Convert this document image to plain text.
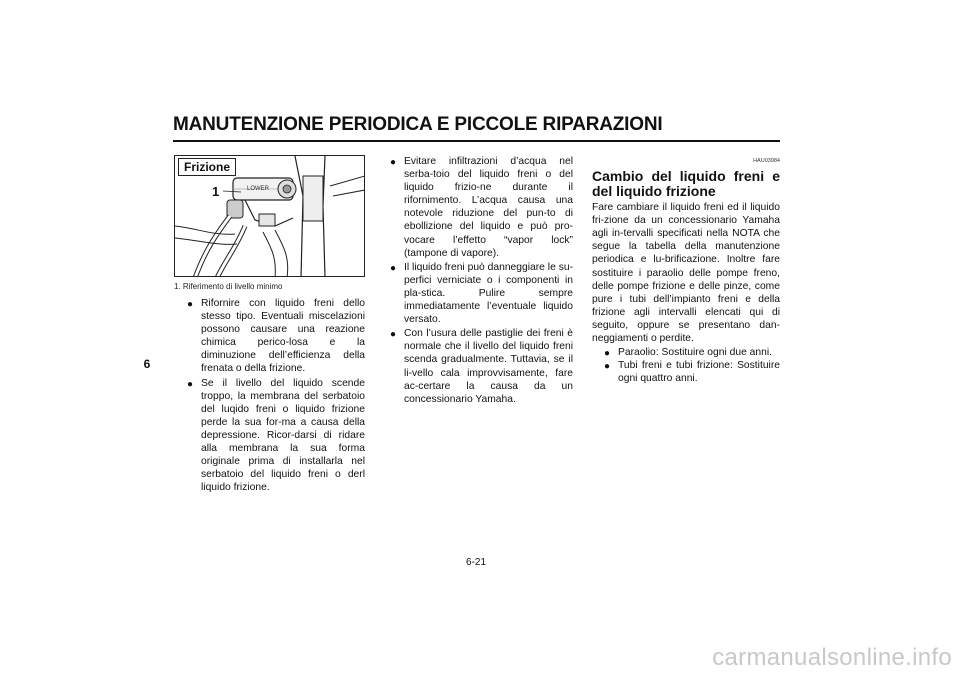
MANUTENZIONE PERIODICA E PICCOLE RIPARAZIONI
6
LOWER
Frizione
1
1. Riferimento di livello minimo
● Rifornire con liquido freni dello stesso tipo. Eventuali miscelazioni possono causare una reazione chimica perico-losa e la diminuzione dell’efficienza della frenata o della frizione.
● Se il livello del liquido scende troppo, la membrana del serbatoio del luqido freni o liquido frizione perde la sua for-ma a causa della depressione. Ricor-darsi di ridare alla membrana la sua forma originale prima di installarla nel serbatoio del liquido freni o derl liquido frizione.
● Evitare infiltrazioni d’acqua nel serba-toio del liquido freni o del liquido frizio-ne durante il rifornimento. L’acqua causa una notevole riduzione del pun-to di ebollizione del liquido e può pro-vocare l’effetto “vapor lock” (tampone di vapore).
● Il liquido freni può danneggiare le su-perfici verniciate o i componenti in pla-stica. Pulire sempre immediatamente l’eventuale liquido versato.
● Con l’usura delle pastiglie dei freni è normale che il livello del liquido freni scenda gradualmente. Tuttavia, se il li-vello cala improvvisamente, fare ac-certare la causa da un concessionario Yamaha.
HAU03984
Cambio del liquido freni e del liquido frizione
Fare cambiare il liquido freni ed il liquido fri-zione da un concessionario Yamaha agli in-tervalli specificati nella NOTA che segue la tabella della manutenzione periodica e lu-brificazione. Inoltre fare sostituire i paraolio delle pompe freno, delle pompe frizione e delle pinze, come pure i tubi dell’impianto freni e della frizione agli intervalli elencati qui di seguito, oppure se presentano dan-neggiamenti o perdite.
● Paraolio: Sostituire ogni due anni.
● Tubi freni e tubi frizione: Sostituire ogni quattro anni.
6-21
carmanualsonline.info
